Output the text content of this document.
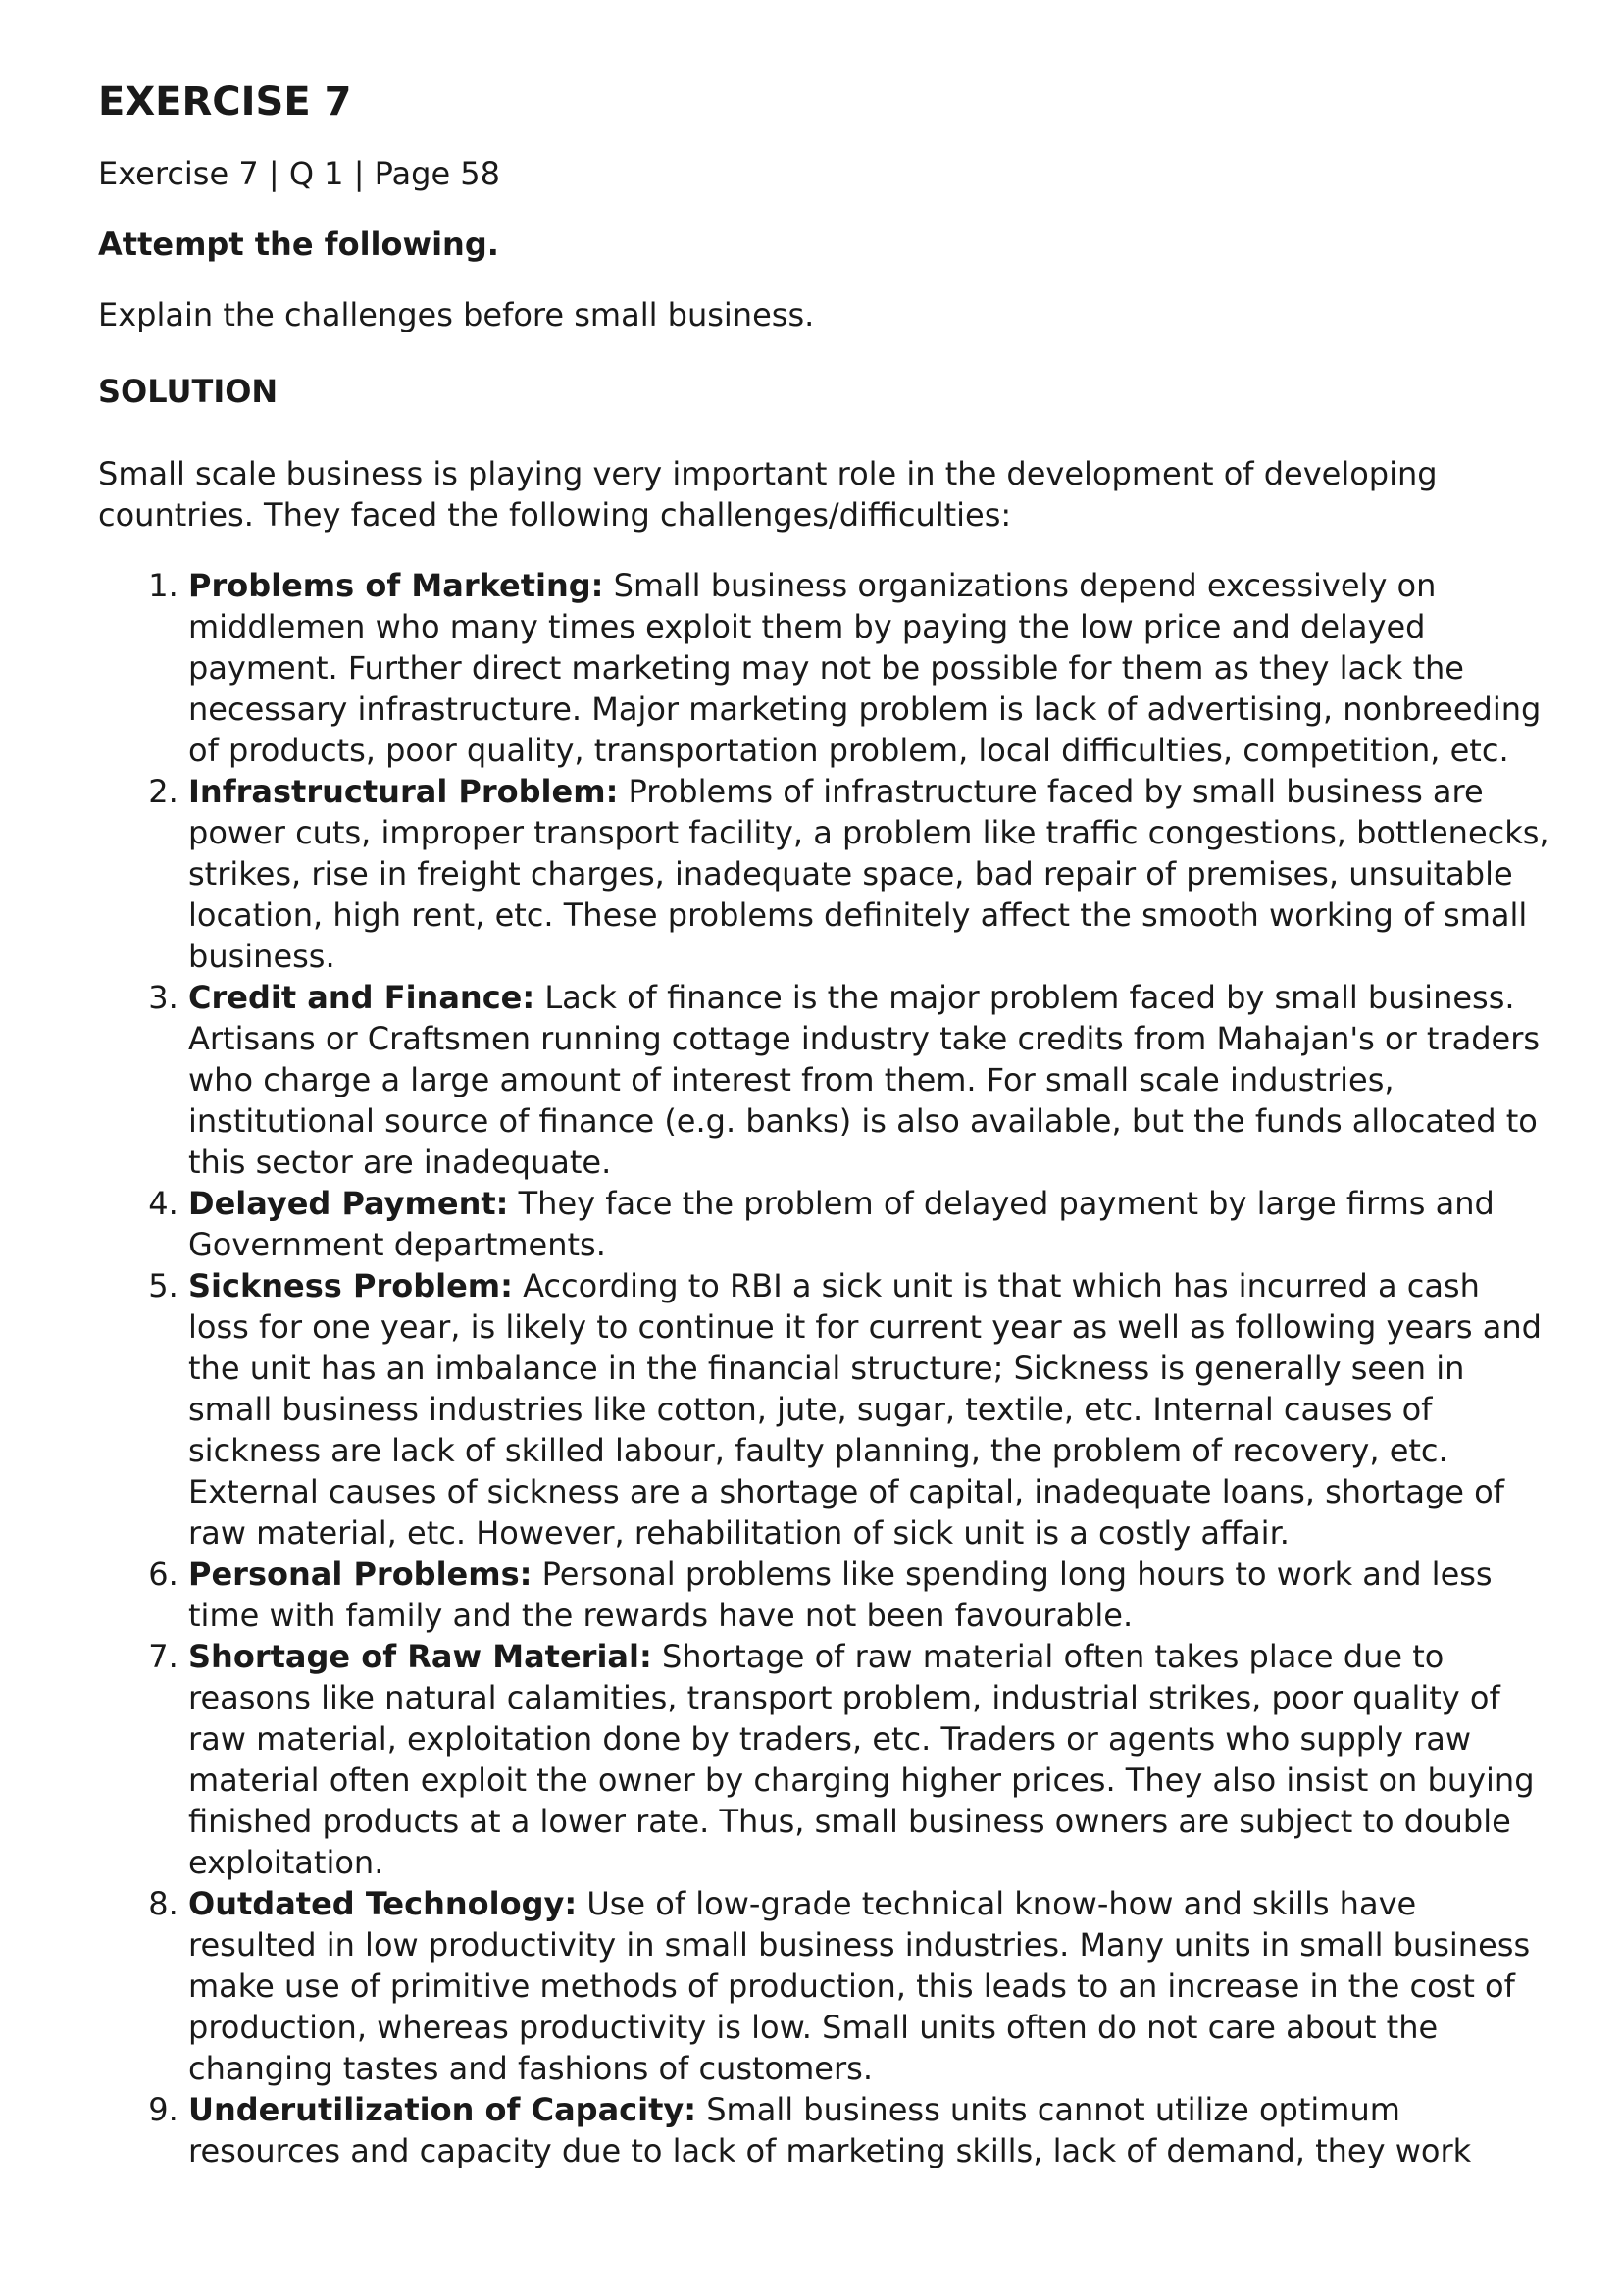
EXERCISE 7
Exercise 7 | Q 1 | Page 58
Attempt the following.
Explain the challenges before small business.
SOLUTION
Small scale business is playing very important role in the development of developing countries. They faced the following challenges/difficulties:
1. Problems of Marketing: Small business organizations depend excessively on middlemen who many times exploit them by paying the low price and delayed payment. Further direct marketing may not be possible for them as they lack the necessary infrastructure. Major marketing problem is lack of advertising, nonbreeding of products, poor quality, transportation problem, local difficulties, competition, etc.
2. Infrastructural Problem: Problems of infrastructure faced by small business are power cuts, improper transport facility, a problem like traffic congestions, bottlenecks, strikes, rise in freight charges, inadequate space, bad repair of premises, unsuitable location, high rent, etc. These problems definitely affect the smooth working of small business.
3. Credit and Finance: Lack of finance is the major problem faced by small business. Artisans or Craftsmen running cottage industry take credits from Mahajan's or traders who charge a large amount of interest from them. For small scale industries, institutional source of finance (e.g. banks) is also available, but the funds allocated to this sector are inadequate.
4. Delayed Payment: They face the problem of delayed payment by large firms and Government departments.
5. Sickness Problem: According to RBI a sick unit is that which has incurred a cash loss for one year, is likely to continue it for current year as well as following years and the unit has an imbalance in the financial structure; Sickness is generally seen in small business industries like cotton, jute, sugar, textile, etc. Internal causes of sickness are lack of skilled labour, faulty planning, the problem of recovery, etc. External causes of sickness are a shortage of capital, inadequate loans, shortage of raw material, etc. However, rehabilitation of sick unit is a costly affair.
6. Personal Problems: Personal problems like spending long hours to work and less time with family and the rewards have not been favourable.
7. Shortage of Raw Material: Shortage of raw material often takes place due to reasons like natural calamities, transport problem, industrial strikes, poor quality of raw material, exploitation done by traders, etc. Traders or agents who supply raw material often exploit the owner by charging higher prices. They also insist on buying finished products at a lower rate. Thus, small business owners are subject to double exploitation.
8. Outdated Technology: Use of low-grade technical know-how and skills have resulted in low productivity in small business industries. Many units in small business make use of primitive methods of production, this leads to an increase in the cost of production, whereas productivity is low. Small units often do not care about the changing tastes and fashions of customers.
9. Underutilization of Capacity: Small business units cannot utilize optimum resources and capacity due to lack of marketing skills, lack of demand, they work
